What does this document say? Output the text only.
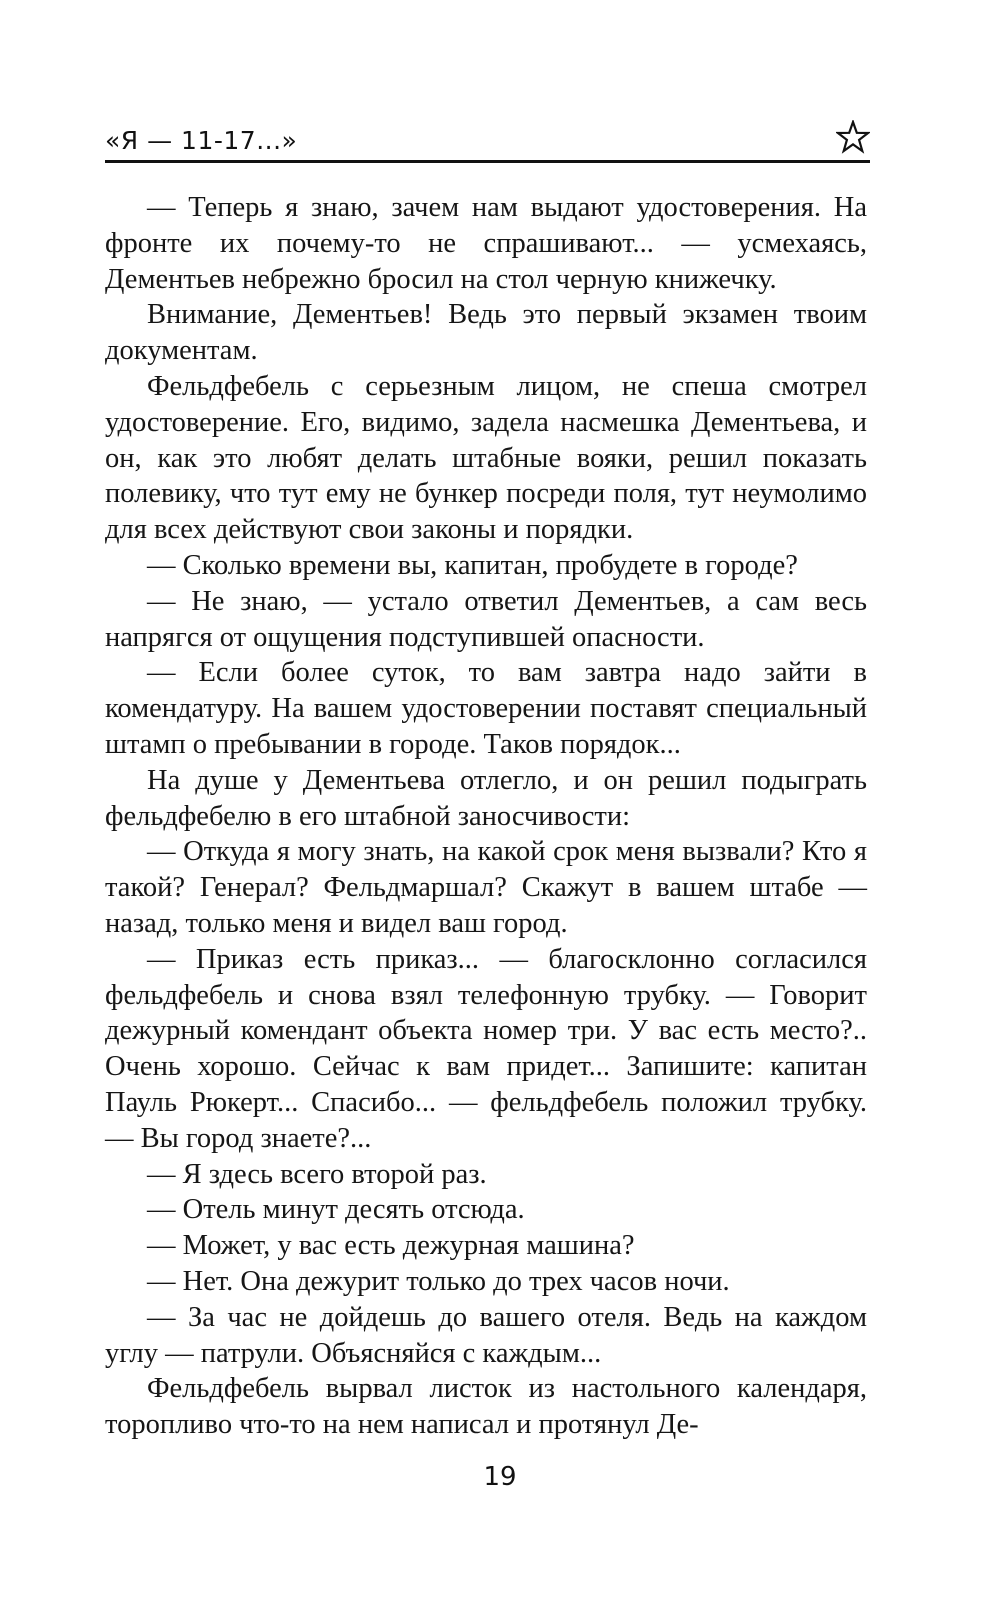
«Я — 11-17...»

— Теперь я знаю, зачем нам выдают удостоверения. На фронте их почему-то не спрашивают... — усмехаясь, Дементьев небрежно бросил на стол черную книжечку.

Внимание, Дементьев! Ведь это первый экзамен твоим документам.

Фельдфебель с серьезным лицом, не спеша смотрел удостоверение. Его, видимо, задела насмешка Дементьева, и он, как это любят делать штабные вояки, решил показать полевику, что тут ему не бункер посреди поля, тут неумолимо для всех действуют свои законы и порядки.

— Сколько времени вы, капитан, пробудете в городе?

— Не знаю, — устало ответил Дементьев, а сам весь напрягся от ощущения подступившей опасности.

— Если более суток, то вам завтра надо зайти в комендатуру. На вашем удостоверении поставят специальный штамп о пребывании в городе. Таков порядок...

На душе у Дементьева отлегло, и он решил подыграть фельдфебелю в его штабной заносчивости:

— Откуда я могу знать, на какой срок меня вызвали? Кто я такой? Генерал? Фельдмаршал? Скажут в вашем штабе — назад, только меня и видел ваш город.

— Приказ есть приказ... — благосклонно согласился фельдфебель и снова взял телефонную трубку. — Говорит дежурный комендант объекта номер три. У вас есть место?.. Очень хорошо. Сейчас к вам придет... Запишите: капитан Пауль Рюкерт... Спасибо... — фельдфебель положил трубку. — Вы город знаете?...

— Я здесь всего второй раз.

— Отель минут десять отсюда.

— Может, у вас есть дежурная машина?

— Нет. Она дежурит только до трех часов ночи.

— За час не дойдешь до вашего отеля. Ведь на каждом углу — патрули. Объясняйся с каждым...

Фельдфебель вырвал листок из настольного календаря, торопливо что-то на нем написал и протянул Де-

19
